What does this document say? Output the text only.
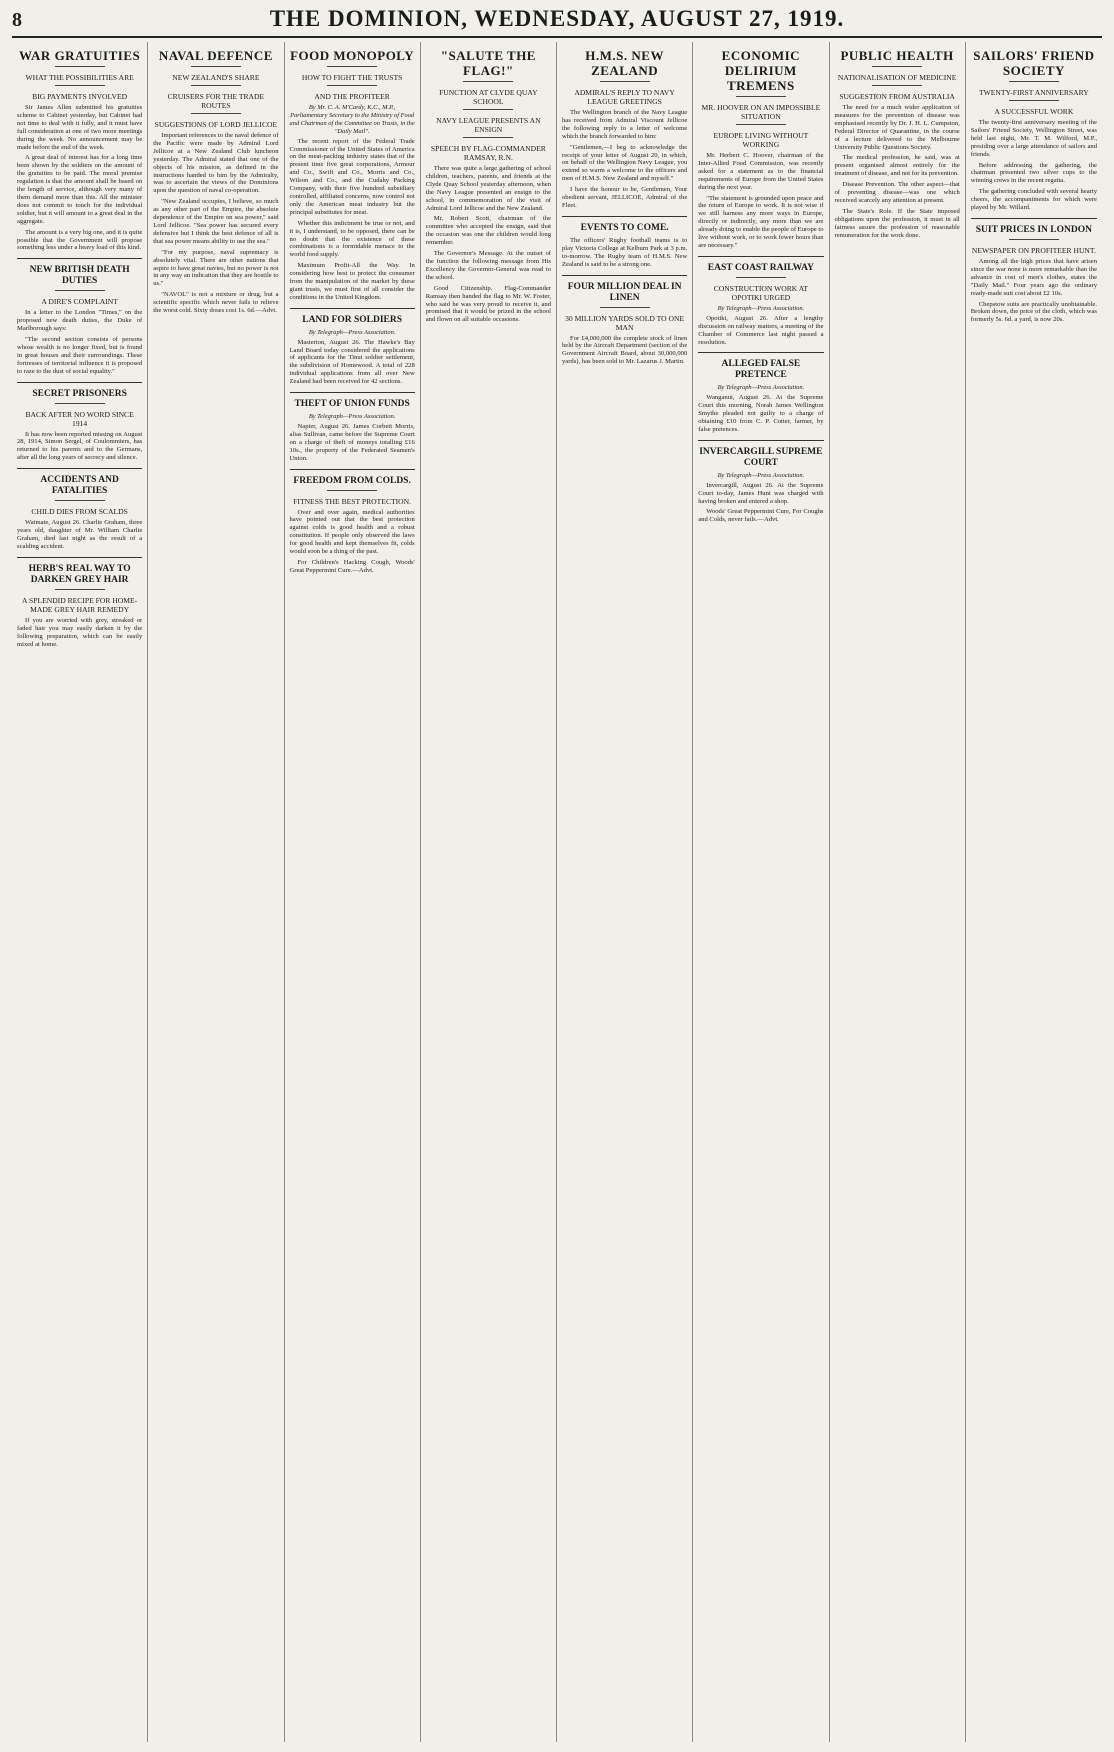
8	THE DOMINION, WEDNESDAY, AUGUST 27, 1919.
WAR GRATUITIES
WHAT THE POSSIBILITIES ARE
BIG PAYMENTS INVOLVED

Sir James Allen submitted his gratuities scheme to Cabinet yesterday, but Cabinet had not time to deal with it fully, and it must have full consideration at one of two more meetings during the week. No announcement may be made before the end of the week.

A great deal of interest has for a long time been shown by the soldiers on the amount of the gratuities to be paid. The moral premise regulation is that the amount shall be based on the length of service, although very many of them demand more than this. All the minister does not commit to touch for the individual soldier, but it will amount to a great deal in the aggregate.

The amount is a very big one, and it is quite possible that the Government will propose something less under a heavy load of this kind.

NEW BRITISH DEATH DUTIES
A DIRE'S COMPLAINT

In a letter to the London "Times," on the proposed new death duties, the Duke of Marlborough says:

"The second section consists of persons whose wealth is no longer fixed, but is found in great houses and their surroundings. These fortresses of territorial influence it is proposed to raze to the dust of social equality."

SECRET PRISONERS
BACK AFTER NO WORD SINCE 1914

It has now been reported missing on August 28, 1914, Simon Sergel, of Coulommiers, has returned to his parents and to the Germans, after all the long years of secrecy and silence.

ACCIDENTS AND FATALITIES
CHILD DIES FROM SCALDS

Waimate, August 26. Charlie Graham, three years old, daughter of Mr. William Charlie Graham, died last night as the result of a scalding accident.

HERB'S REAL WAY TO DARKEN GREY HAIR
A SPLENDID RECIPE FOR HOME-MADE GREY HAIR REMEDY

If you are worried with grey, streaked or faded hair you may easily darken it by the following preparation, which can be easily mixed at home.

NAVAL DEFENCE
NEW ZEALAND'S SHARE
CRUISERS FOR THE TRADE ROUTES
SUGGESTIONS OF LORD JELLICOE

Important references to the naval defence of the Pacific were made by Admiral Lord Jellicoe at a New Zealand Club luncheon yesterday. The Admiral stated that one of the objects of his mission, as defined in the instructions handed to him by the Admiralty, was to ascertain the views of the Dominions upon the question of naval co-operation.

"New Zealand occupies, I believe, so much as any other part of the Empire, the absolute dependence of the Empire on sea power," said Lord Jellicoe. "Sea power has secured every defensive but I think the best defence of all is that sea power means ability to use the sea."

"For my purpose, naval supremacy is absolutely vital. There are other nations that aspire to have great navies, but no power is not in any way an indication that they are hostile to us."

"NAVOL" is not a mixture or drug, but a scientific specific which never fails to relieve the worst cold. Sixty doses cost 1s. 6d.—Advt.

FOOD MONOPOLY
HOW TO FIGHT THE TRUSTS
AND THE PROFITEER
By Mr. C. A. M'Cardy, K.C., M.P., Parliamentary Secretary to the Ministry of Food and Chairman of the Committee on Trusts, in the "Daily Mail".

The recent report of the Federal Trade Commissioner of the United States of America on the meat-packing industry states that of the present time five great corporations, Armour and Co., Swift and Co., Morris and Co., Wilson and Co., and the Cudahy Packing Company, with their five hundred subsidiary controlled, affiliated concerns, now control not only the American meat industry but the principal substitutes for meat.

Whether this indictment be true or not, and it is, I understand, to be opposed, there can be no doubt that the existence of these combinations is a formidable menace to the world food supply.

Maximum Profit-All the Way. In considering how best to protect the consumer from the manipulation of the market by these giant trusts, we must first of all consider the conditions in the United Kingdom.

LAND FOR SOLDIERS
By Telegraph—Press Association.

Masterton, August 26. The Hawke's Bay Land Board today considered the applications of applicants for the Tinui soldier settlement, the subdivision of Homewood. A total of 228 individual applications from all over New Zealand had been received for 42 sections.

THEFT OF UNION FUNDS
By Telegraph—Press Association.

Napier, August 26. James Corbett Morris, alias Sullivan, came before the Supreme Court on a charge of theft of moneys totalling £16 10s., the property of the Federated Seamen's Union.

FREEDOM FROM COLDS.
FITNESS THE BEST PROTECTION.

Over and over again, medical authorities have pointed out that the best protection against colds is good health and a robust constitution. If people only observed the laws for good health and kept themselves fit, colds would soon be a thing of the past.

For Children's Hacking Cough, Woods' Great Peppermint Cure.—Advt.

"SALUTE THE FLAG!"
FUNCTION AT CLYDE QUAY SCHOOL
NAVY LEAGUE PRESENTS AN ENSIGN
SPEECH BY FLAG-COMMANDER RAMSAY, R.N.

There was quite a large gathering of school children, teachers, parents, and friends at the Clyde Quay School yesterday afternoon, when the Navy League presented an ensign to the school, in commemoration of the visit of Admiral Lord Jellicoe and the New Zealand.

Mr. Robert Scott, chairman of the committee who accepted the ensign, said that the occasion was one the children would long remember.

The Governor's Message. At the outset of the function the following message from His Excellency the Governor-General was read to the school.

Good Citizenship. Flag-Commander Ramsay then handed the flag to Mr. W. Foster, who said he was very proud to receive it, and promised that it would be prized in the school and flown on all suitable occasions.

H.M.S. NEW ZEALAND
ADMIRAL'S REPLY TO NAVY LEAGUE GREETINGS

The Wellington branch of the Navy League has received from Admiral Viscount Jellicoe the following reply to a letter of welcome which the branch forwarded to him:

"Gentlemen,—I beg to acknowledge the receipt of your letter of August 20, in which, on behalf of the Wellington Navy League, you extend so warm a welcome to the officers and men of H.M.S. New Zealand and myself."

I have the honour to be, Gentlemen, Your obedient servant, JELLICOE, Admiral of the Fleet.

EVENTS TO COME.

The officers' Rugby football teams is to play Victoria College at Kelburn Park at 3 p.m. to-morrow. The Rugby team of H.M.S. New Zealand is said to be a strong one.

FOUR MILLION DEAL IN LINEN
30 MILLION YARDS SOLD TO ONE MAN

For £4,000,000 the complete stock of linen held by the Aircraft Department (section of the Government Aircraft Board, about 30,000,000 yards), has been sold to Mr. Lazarus J. Martin.

ECONOMIC DELIRIUM TREMENS
MR. HOOVER ON AN IMPOSSIBLE SITUATION
EUROPE LIVING WITHOUT WORKING

Mr. Herbert C. Hoover, chairman of the Inter-Allied Food Commission, was recently asked for a statement as to the financial requirements of Europe from the United States during the next year.

"The statement is grounded upon peace and the return of Europe to work. It is not wise if we still harness any more ways in Europe, directly or indirectly, any more than we are already doing to enable the people of Europe to live without work, or to work fewer hours than are necessary."

EAST COAST RAILWAY
CONSTRUCTION WORK AT OPOTIKI URGED
By Telegraph—Press Association.

Opotiki, August 26. After a lengthy discussion on railway matters, a meeting of the Chamber of Commerce last night passed a resolution.

ALLEGED FALSE PRETENCE
By Telegraph—Press Association.

Wanganui, August 26. At the Supreme Court this morning, Norah James Wellington Smythe pleaded not guilty to a charge of obtaining £10 from C. P. Cotter, farmer, by false pretences.

INVERCARGILL SUPREME COURT
By Telegraph—Press Association.

Invercargill, August 26. At the Supreme Court to-day, James Hunt was charged with having broken and entered a shop.

Woods' Great Peppermint Cure, For Coughs and Colds, never fails.—Advt.

PUBLIC HEALTH
NATIONALISATION OF MEDICINE
SUGGESTION FROM AUSTRALIA

The need for a much wider application of measures for the prevention of disease was emphasised recently by Dr. J. H. L. Cumpston, Federal Director of Quarantine, in the course of a lecture delivered to the Melbourne University Public Questions Society.

The medical profession, he said, was at present organised almost entirely for the treatment of disease, and not for its prevention.

Disease Prevention. The other aspect—that of preventing disease—was one which received scarcely any attention at present.

The State's Role. If the State imposed obligations upon the profession, it must in all fairness assure the profession of reasonable remuneration for the work done.

SAILORS' FRIEND SOCIETY
TWENTY-FIRST ANNIVERSARY
A SUCCESSFUL WORK

The twenty-first anniversary meeting of the Sailors' Friend Society, Wellington Street, was held last night, Mr. T. M. Wilford, M.P., presiding over a large attendance of sailors and friends.

Before addressing the gathering, the chairman presented two silver cups to the winning crews in the recent regatta.

The gathering concluded with several hearty cheers, the accompaniments for which were played by Mr. Willard.

SUIT PRICES IN LONDON
NEWSPAPER ON PROFITEER HUNT.

Among all the high prices that have arisen since the war none is more remarkable than the advance in cost of men's clothes, states the "Daily Mail." Four years ago the ordinary ready-made suit cost about £2 10s.

Chepstow suits are practically unobtainable. Broken down, the price of the cloth, which was formerly 5s. 6d. a yard, is now 20s.
